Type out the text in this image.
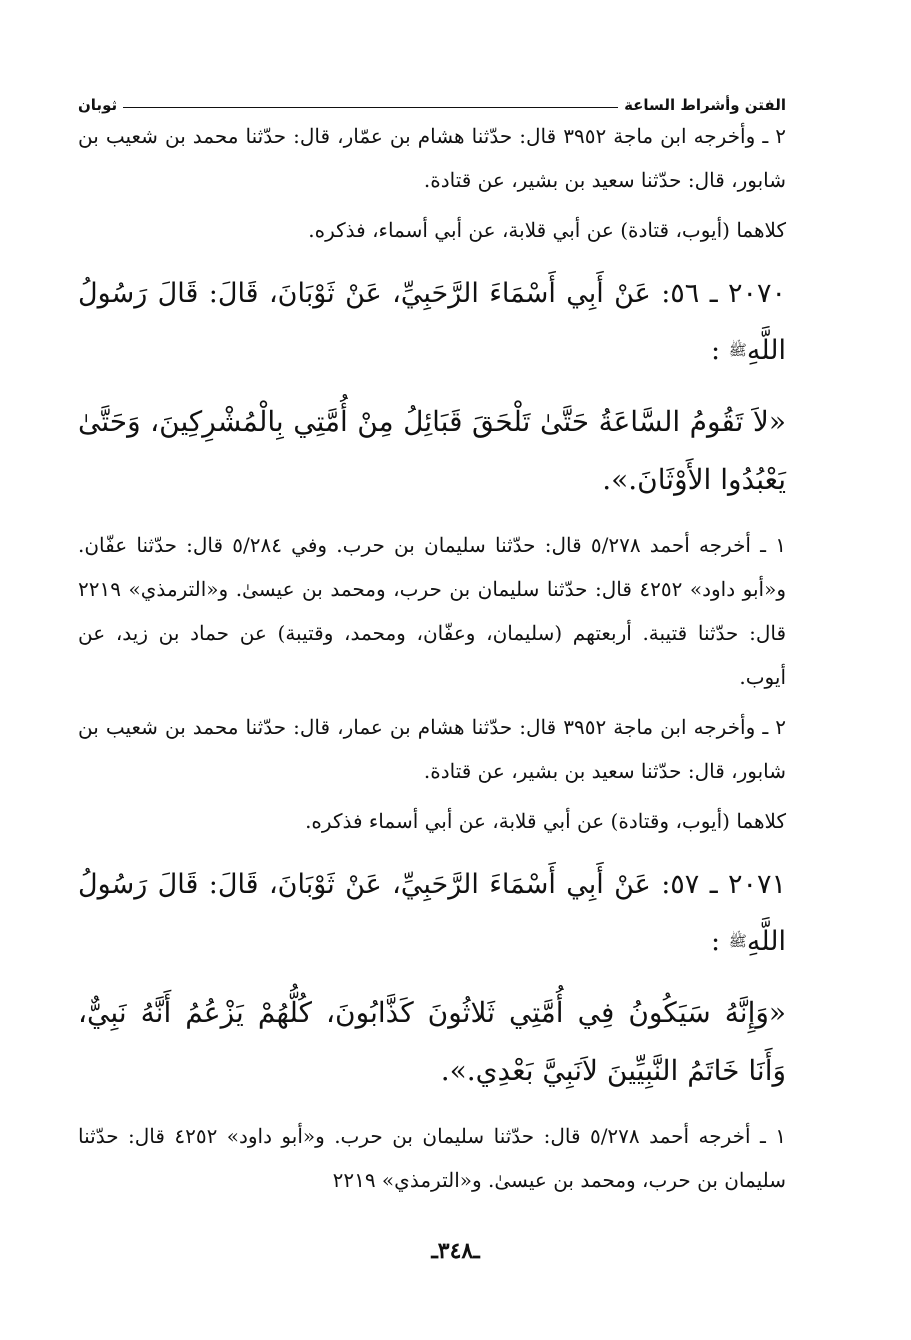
الفتن وأشراط الساعة
ثوبان

٢ ـ وأخرجه ابن ماجة ٣٩٥٢ قال: حدّثنا هشام بن عمّار، قال: حدّثنا محمد بن شعيب بن شابور، قال: حدّثنا سعيد بن بشير، عن قتادة.

كلاهما (أيوب، قتادة) عن أبي قلابة، عن أبي أسماء، فذكره.

٢٠٧٠ ـ ٥٦: عَنْ أَبِي أَسْمَاءَ الرَّحَبِيِّ، عَنْ ثَوْبَانَ، قَالَ: قَالَ رَسُولُ اللَّهِﷺ :

«لاَ تَقُومُ السَّاعَةُ حَتَّىٰ تَلْحَقَ قَبَائِلُ مِنْ أُمَّتِي بِالْمُشْرِكِينَ، وَحَتَّىٰ يَعْبُدُوا الأَوْثَانَ.».

١ ـ أخرجه أحمد ٥/٢٧٨ قال: حدّثنا سليمان بن حرب. وفي ٥/٢٨٤ قال: حدّثنا عفّان. و«أبو داود» ٤٢٥٢ قال: حدّثنا سليمان بن حرب، ومحمد بن عيسىٰ. و«الترمذي» ٢٢١٩ قال: حدّثنا قتيبة. أربعتهم (سليمان، وعفّان، ومحمد، وقتيبة) عن حماد بن زيد، عن أيوب.

٢ ـ وأخرجه ابن ماجة ٣٩٥٢ قال: حدّثنا هشام بن عمار، قال: حدّثنا محمد بن شعيب بن شابور، قال: حدّثنا سعيد بن بشير، عن قتادة.

كلاهما (أيوب، وقتادة) عن أبي قلابة، عن أبي أسماء فذكره.

٢٠٧١ ـ ٥٧: عَنْ أَبِي أَسْمَاءَ الرَّحَبِيِّ، عَنْ ثَوْبَانَ، قَالَ: قَالَ رَسُولُ اللَّهِﷺ :

«وَإِنَّهُ سَيَكُونُ فِي أُمَّتِي ثَلاثُونَ كَذَّابُونَ، كُلُّهُمْ يَزْعُمُ أَنَّهُ نَبِيٌّ، وَأَنَا خَاتَمُ النَّبِيِّينَ لاَنَبِيَّ بَعْدِي.».

١ ـ أخرجه أحمد ٥/٢٧٨ قال: حدّثنا سليمان بن حرب. و«أبو داود» ٤٢٥٢ قال: حدّثنا سليمان بن حرب، ومحمد بن عيسىٰ. و«الترمذي» ٢٢١٩

ـ٣٤٨ـ
